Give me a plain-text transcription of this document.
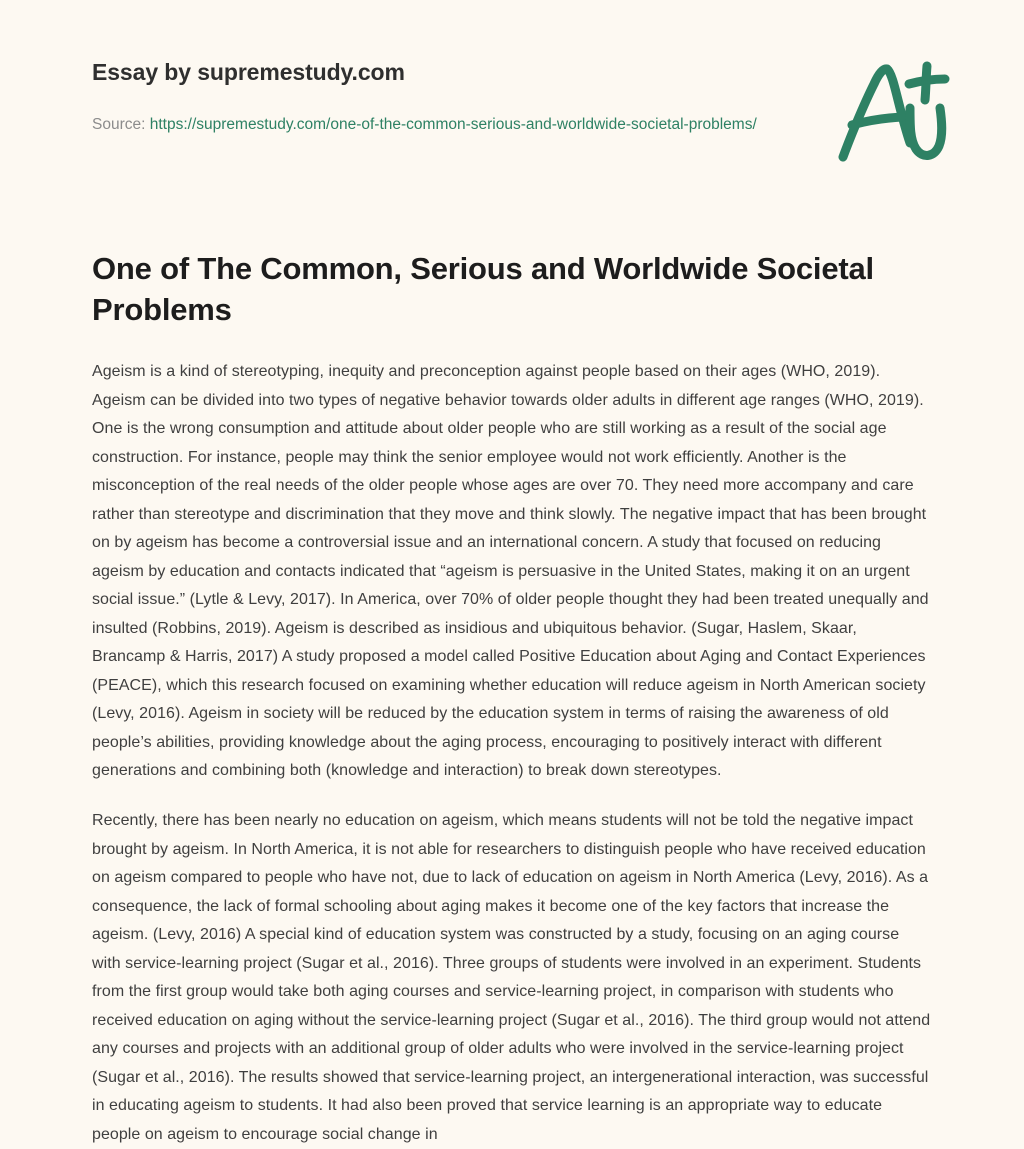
Essay by supremestudy.com
Source: https://supremestudy.com/one-of-the-common-serious-and-worldwide-societal-problems/
One of The Common, Serious and Worldwide Societal Problems

Ageism is a kind of stereotyping, inequity and preconception against people based on their ages (WHO, 2019). Ageism can be divided into two types of negative behavior towards older adults in different age ranges (WHO, 2019). One is the wrong consumption and attitude about older people who are still working as a result of the social age construction. For instance, people may think the senior employee would not work efficiently. Another is the misconception of the real needs of the older people whose ages are over 70. They need more accompany and care rather than stereotype and discrimination that they move and think slowly. The negative impact that has been brought on by ageism has become a controversial issue and an international concern. A study that focused on reducing ageism by education and contacts indicated that “ageism is persuasive in the United States, making it on an urgent social issue.” (Lytle & Levy, 2017). In America, over 70% of older people thought they had been treated unequally and insulted (Robbins, 2019). Ageism is described as insidious and ubiquitous behavior. (Sugar, Haslem, Skaar, Brancamp & Harris, 2017) A study proposed a model called Positive Education about Aging and Contact Experiences (PEACE), which this research focused on examining whether education will reduce ageism in North American society (Levy, 2016). Ageism in society will be reduced by the education system in terms of raising the awareness of old people’s abilities, providing knowledge about the aging process, encouraging to positively interact with different generations and combining both (knowledge and interaction) to break down stereotypes.

Recently, there has been nearly no education on ageism, which means students will not be told the negative impact brought by ageism. In North America, it is not able for researchers to distinguish people who have received education on ageism compared to people who have not, due to lack of education on ageism in North America (Levy, 2016). As a consequence, the lack of formal schooling about aging makes it become one of the key factors that increase the ageism. (Levy, 2016) A special kind of education system was constructed by a study, focusing on an aging course with service-learning project (Sugar et al., 2016). Three groups of students were involved in an experiment. Students from the first group would take both aging courses and service-learning project, in comparison with students who received education on aging without the service-learning project (Sugar et al., 2016). The third group would not attend any courses and projects with an additional group of older adults who were involved in the service-learning project (Sugar et al., 2016). The results showed that service-learning project, an intergenerational interaction, was successful in educating ageism to students. It had also been proved that service learning is an appropriate way to educate people on ageism to encourage social change in
